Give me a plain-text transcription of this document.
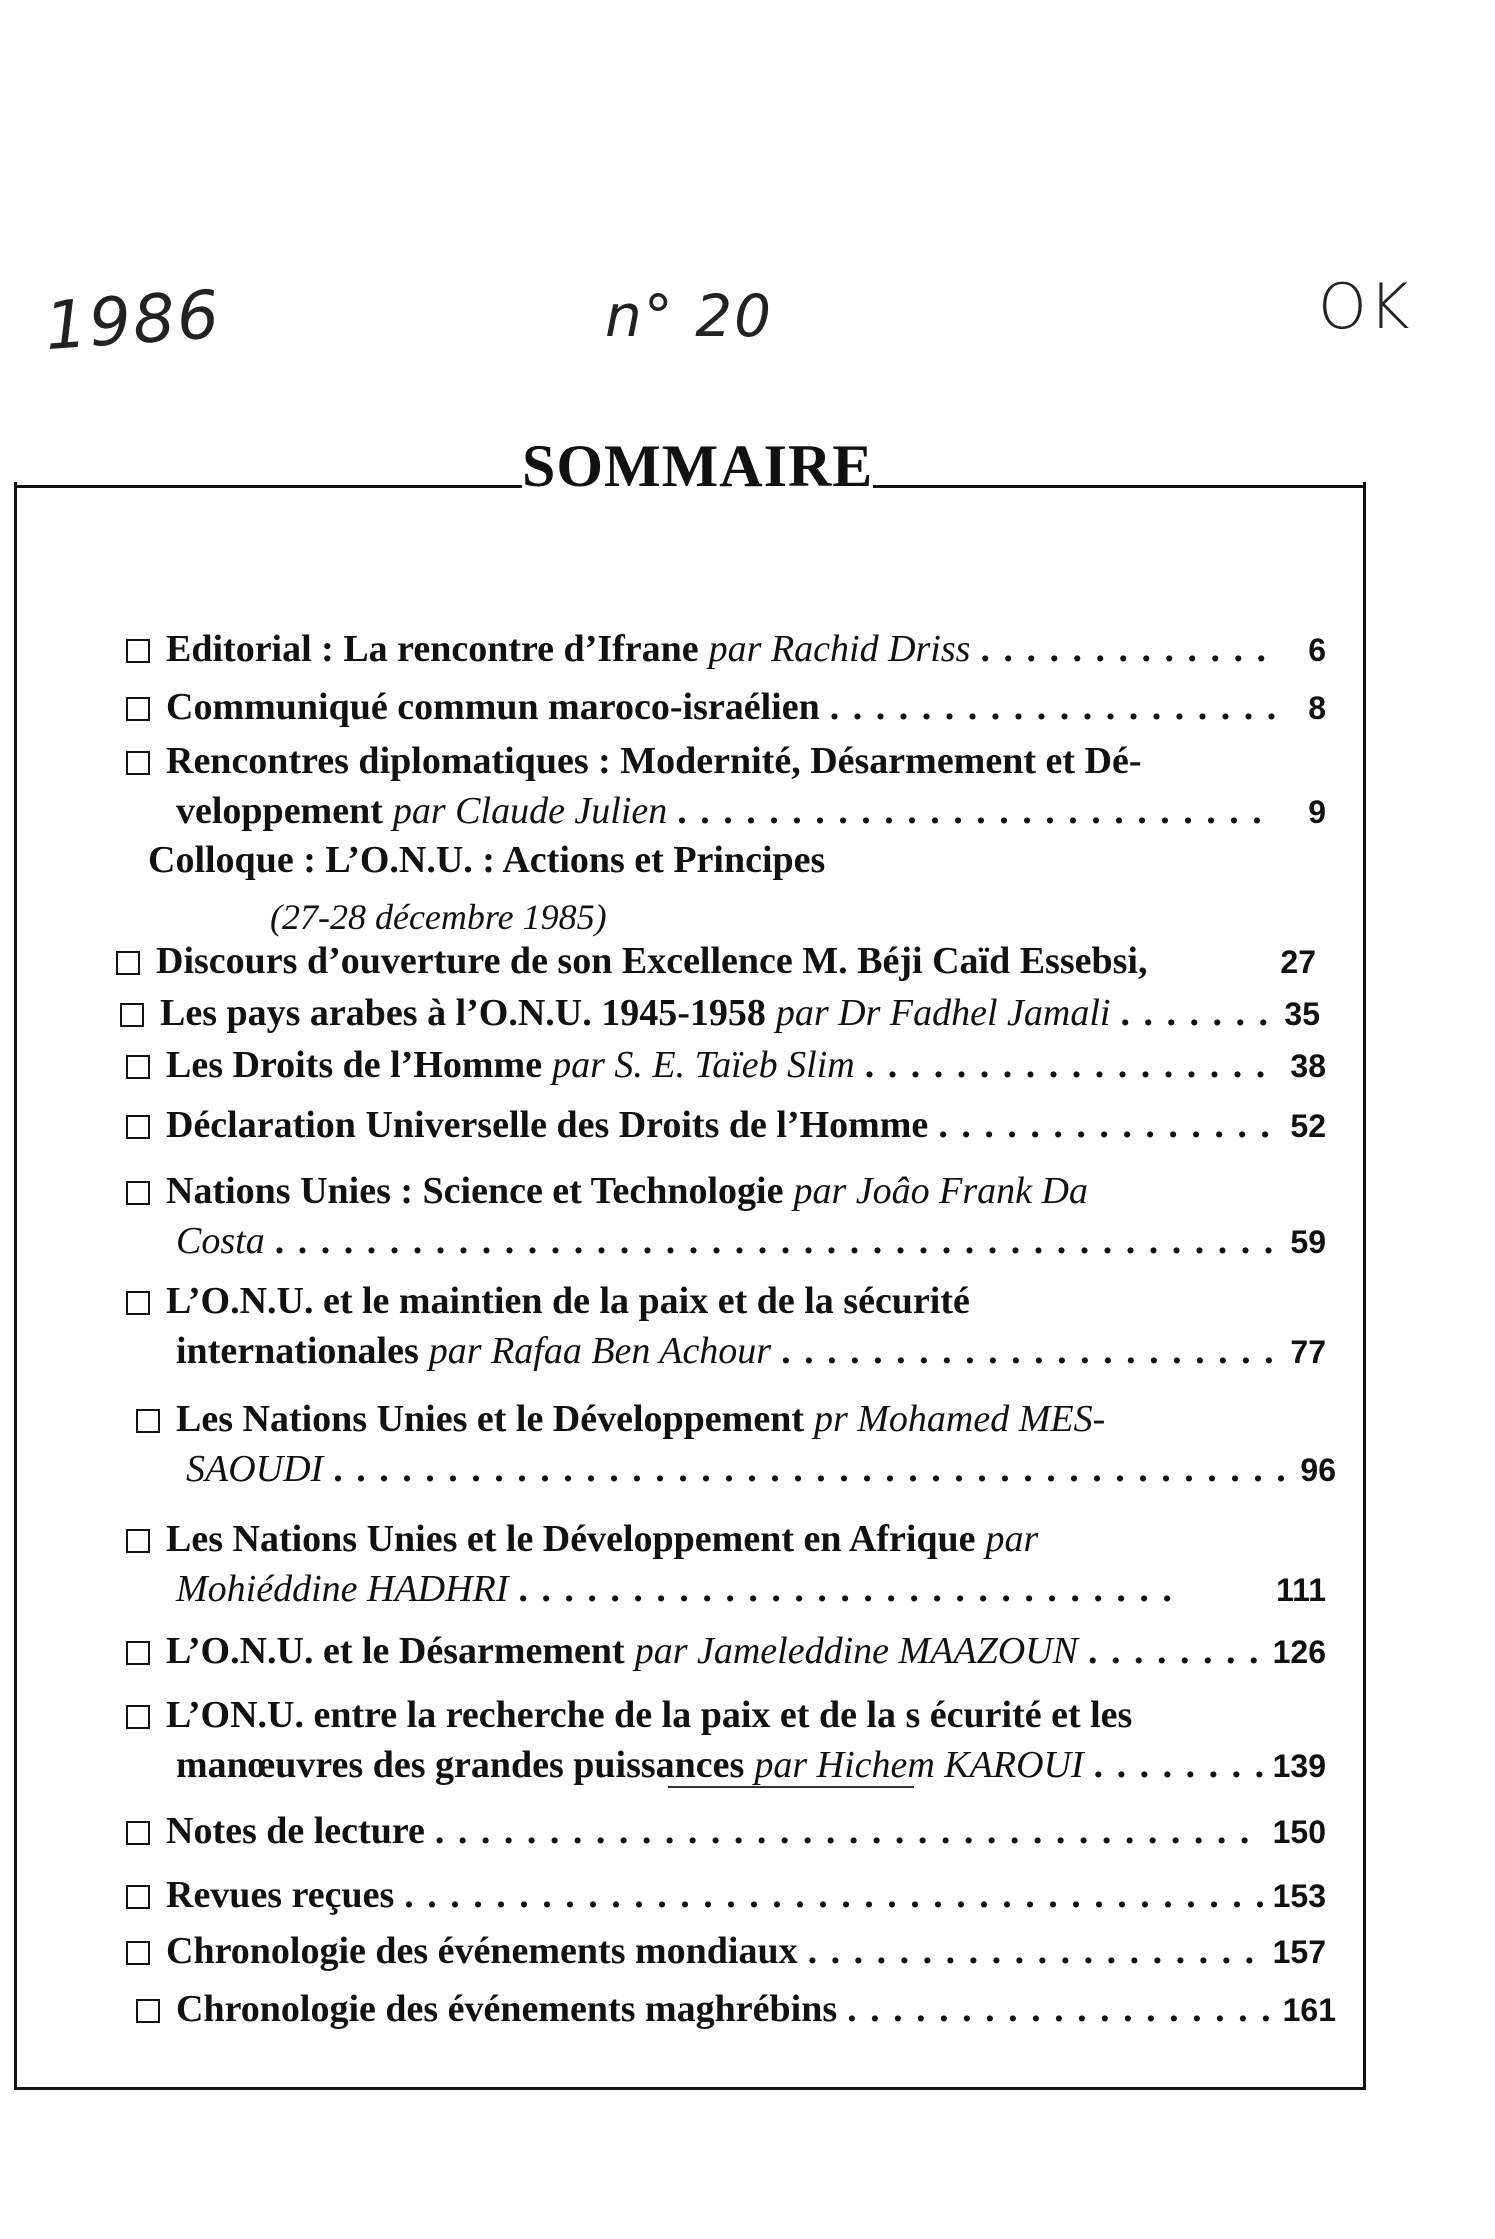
1986	n° 20	OK
SOMMAIRE
Editorial : La rencontre d’Ifrane par Rachid Driss . . .	6
Communiqué commun maroco-israélien . . .	8
Rencontres diplomatiques : Modernité, Désarmement et Dé-
veloppement par Claude Julien . . .	9
Colloque : L’O.N.U. : Actions et Principes
(27-28 décembre 1985)
Discours d’ouverture de son Excellence M. Béji Caïd Essebsi,	27
Les pays arabes à l’O.N.U. 1945-1958 par Dr Fadhel Jamali . . .	35
Les Droits de l’Homme par S. E. Taïeb Slim . . .	38
Déclaration Universelle des Droits de l’Homme . . .	52
Nations Unies : Science et Technologie par Joâo Frank Da
Costa . . .	59
L’O.N.U. et le maintien de la paix et de la sécurité
internationales par Rafaa Ben Achour . . .	77
Les Nations Unies et le Développement pr Mohamed MES-
SAOUDI . . .	96
Les Nations Unies et le Développement en Afrique par
Mohiéddine HADHRI . . .	111
L’O.N.U. et le Désarmement par Jameleddine MAAZOUN . . .	126
L’ON.U. entre la recherche de la paix et de la s écurité et les
manœuvres des grandes puissances par Hichem KAROUI . . .	139
Notes de lecture . . .	150
Revues reçues . . .	153
Chronologie des événements mondiaux . . .	157
Chronologie des événements maghrébins . . .	161
